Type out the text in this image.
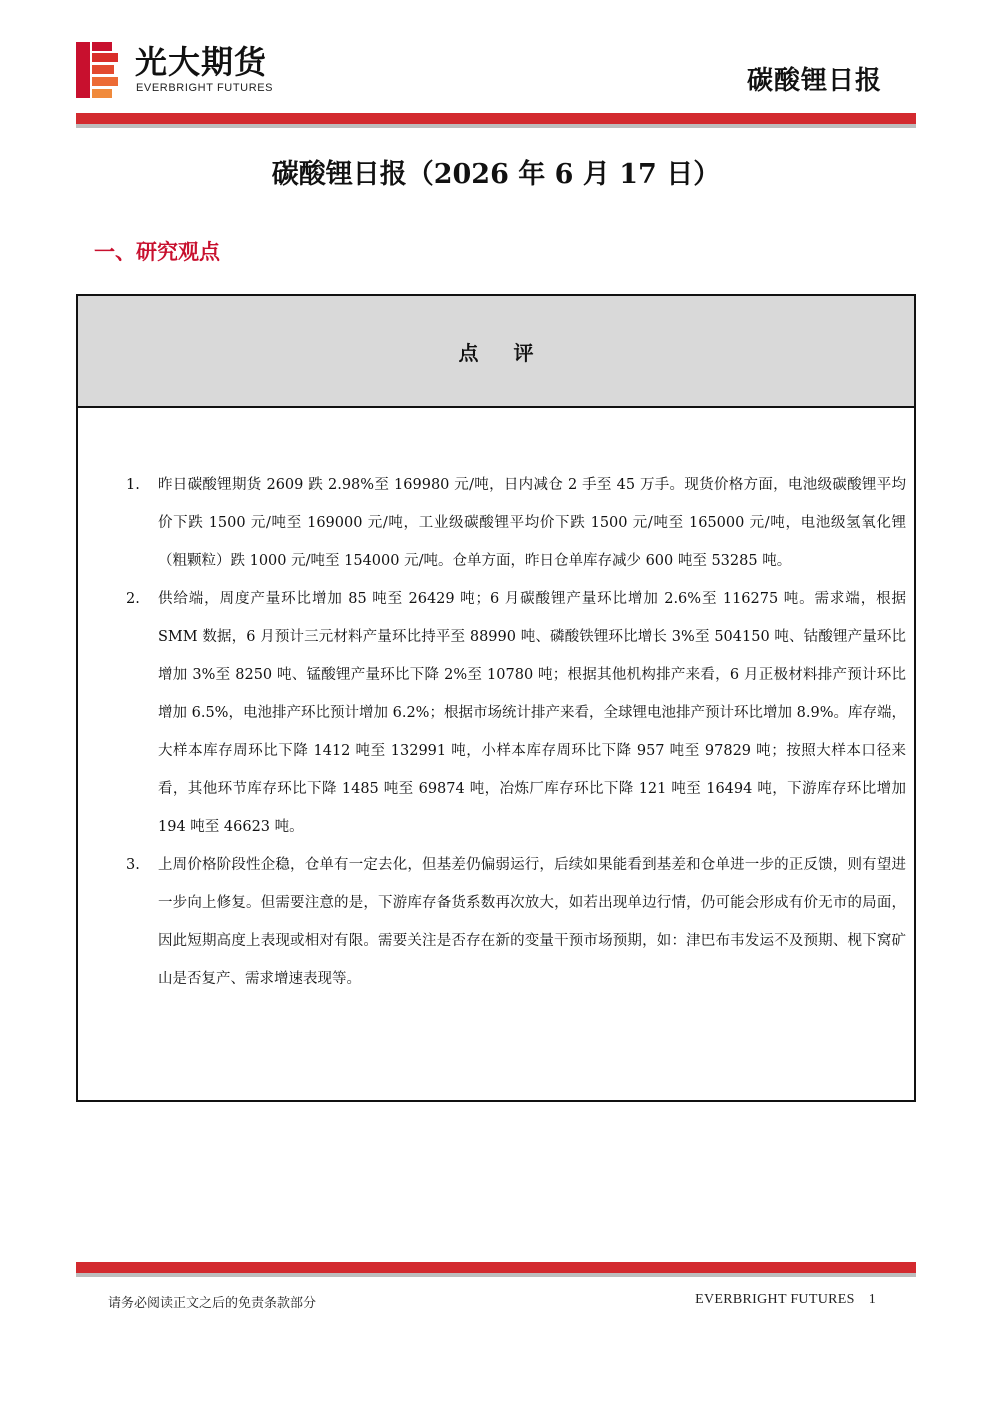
光大期货
EVERBRIGHT FUTURES	碳酸锂日报
碳酸锂日报（2026 年 6 月 17 日）
一、研究观点
点 评
1.	昨日碳酸锂期货 2609 跌 2.98%至 169980 元/吨，日内减仓 2 手至 45 万手。现货价格方面，电池级碳酸锂平均价下跌 1500 元/吨至 169000 元/吨，工业级碳酸锂平均价下跌 1500 元/吨至 165000 元/吨，电池级氢氧化锂（粗颗粒）跌 1000 元/吨至 154000 元/吨。仓单方面，昨日仓单库存减少 600 吨至 53285 吨。
2.	供给端，周度产量环比增加 85 吨至 26429 吨；6 月碳酸锂产量环比增加 2.6%至 116275 吨。需求端，根据 SMM 数据，6 月预计三元材料产量环比持平至 88990 吨、磷酸铁锂环比增长 3%至 504150 吨、钴酸锂产量环比增加 3%至 8250 吨、锰酸锂产量环比下降 2%至 10780 吨；根据其他机构排产来看，6 月正极材料排产预计环比增加 6.5%，电池排产环比预计增加 6.2%；根据市场统计排产来看，全球锂电池排产预计环比增加 8.9%。库存端，大样本库存周环比下降 1412 吨至 132991 吨，小样本库存周环比下降 957 吨至 97829 吨；按照大样本口径来看，其他环节库存环比下降 1485 吨至 69874 吨，冶炼厂库存环比下降 121 吨至 16494 吨，下游库存环比增加 194 吨至 46623 吨。
3.	上周价格阶段性企稳，仓单有一定去化，但基差仍偏弱运行，后续如果能看到基差和仓单进一步的正反馈，则有望进一步向上修复。但需要注意的是，下游库存备货系数再次放大，如若出现单边行情，仍可能会形成有价无市的局面，因此短期高度上表现或相对有限。需要关注是否存在新的变量干预市场预期，如：津巴布韦发运不及预期、枧下窝矿山是否复产、需求增速表现等。
请务必阅读正文之后的免责条款部分	EVERBRIGHT FUTURES 1
